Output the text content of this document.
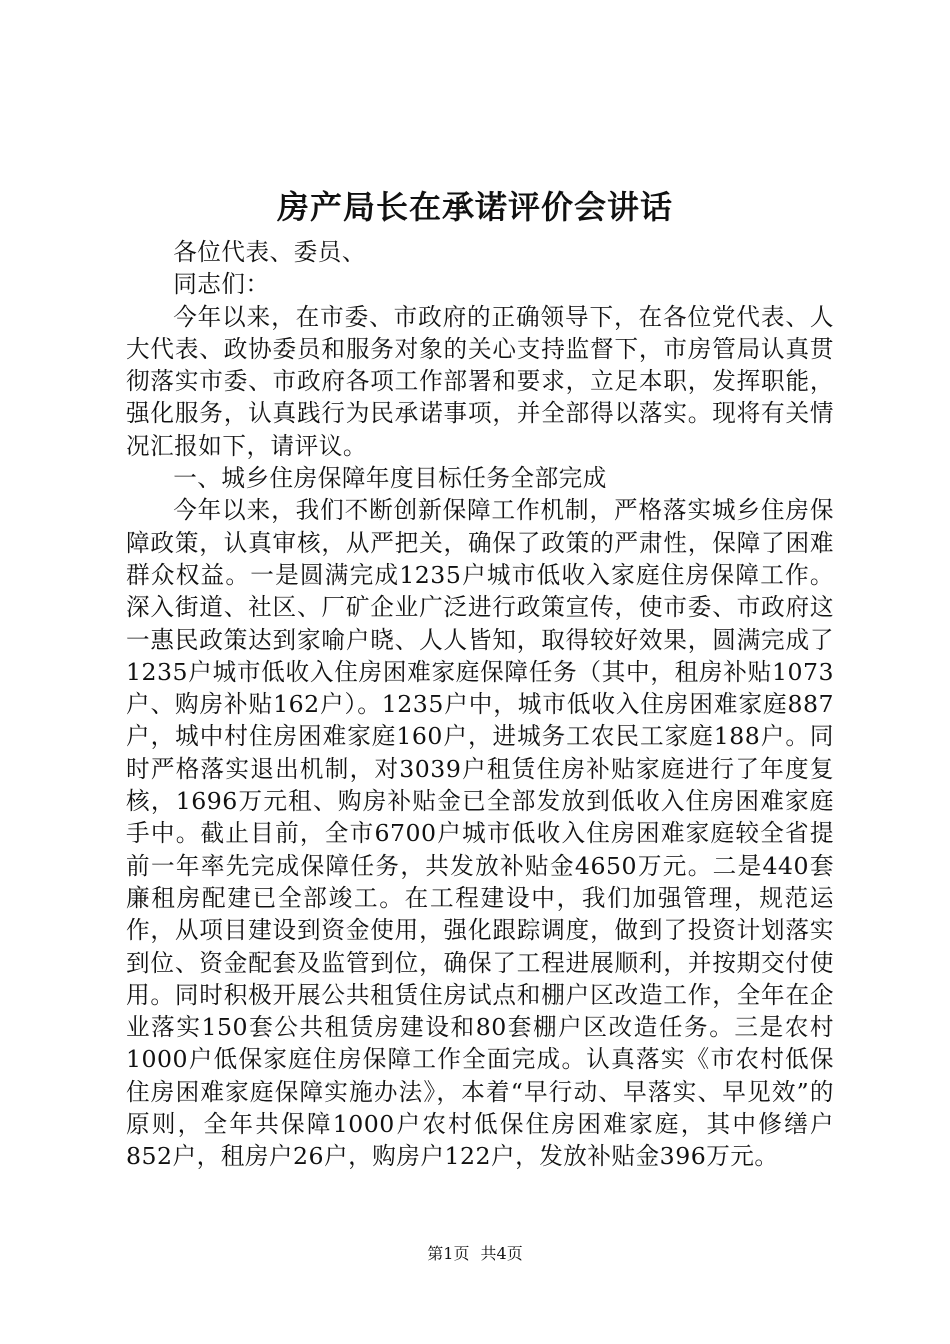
房产局长在承诺评价会讲话

各位代表、委员、

同志们：

今年以来，在市委、市政府的正确领导下，在各位党代表、人大代表、政协委员和服务对象的关心支持监督下，市房管局认真贯彻落实市委、市政府各项工作部署和要求，立足本职，发挥职能，强化服务，认真践行为民承诺事项，并全部得以落实。现将有关情况汇报如下，请评议。

一、城乡住房保障年度目标任务全部完成

今年以来，我们不断创新保障工作机制，严格落实城乡住房保障政策，认真审核，从严把关，确保了政策的严肃性，保障了困难群众权益。一是圆满完成1235户城市低收入家庭住房保障工作。深入街道、社区、厂矿企业广泛进行政策宣传，使市委、市政府这一惠民政策达到家喻户晓、人人皆知，取得较好效果，圆满完成了1235户城市低收入住房困难家庭保障任务（其中，租房补贴1073户、购房补贴162户）。1235户中，城市低收入住房困难家庭887户，城中村住房困难家庭160户，进城务工农民工家庭188户。同时严格落实退出机制，对3039户租赁住房补贴家庭进行了年度复核，1696万元租、购房补贴金已全部发放到低收入住房困难家庭手中。截止目前，全市6700户城市低收入住房困难家庭较全省提前一年率先完成保障任务，共发放补贴金4650万元。二是440套廉租房配建已全部竣工。在工程建设中，我们加强管理，规范运作，从项目建设到资金使用，强化跟踪调度，做到了投资计划落实到位、资金配套及监管到位，确保了工程进展顺利，并按期交付使用。同时积极开展公共租赁住房试点和棚户区改造工作，全年在企业落实150套公共租赁房建设和80套棚户区改造任务。三是农村1000户低保家庭住房保障工作全面完成。认真落实《市农村低保住房困难家庭保障实施办法》，本着“早行动、早落实、早见效”的原则，全年共保障1000户农村低保住房困难家庭，其中修缮户852户，租房户26户，购房户122户，发放补贴金396万元。

第1页 共4页
